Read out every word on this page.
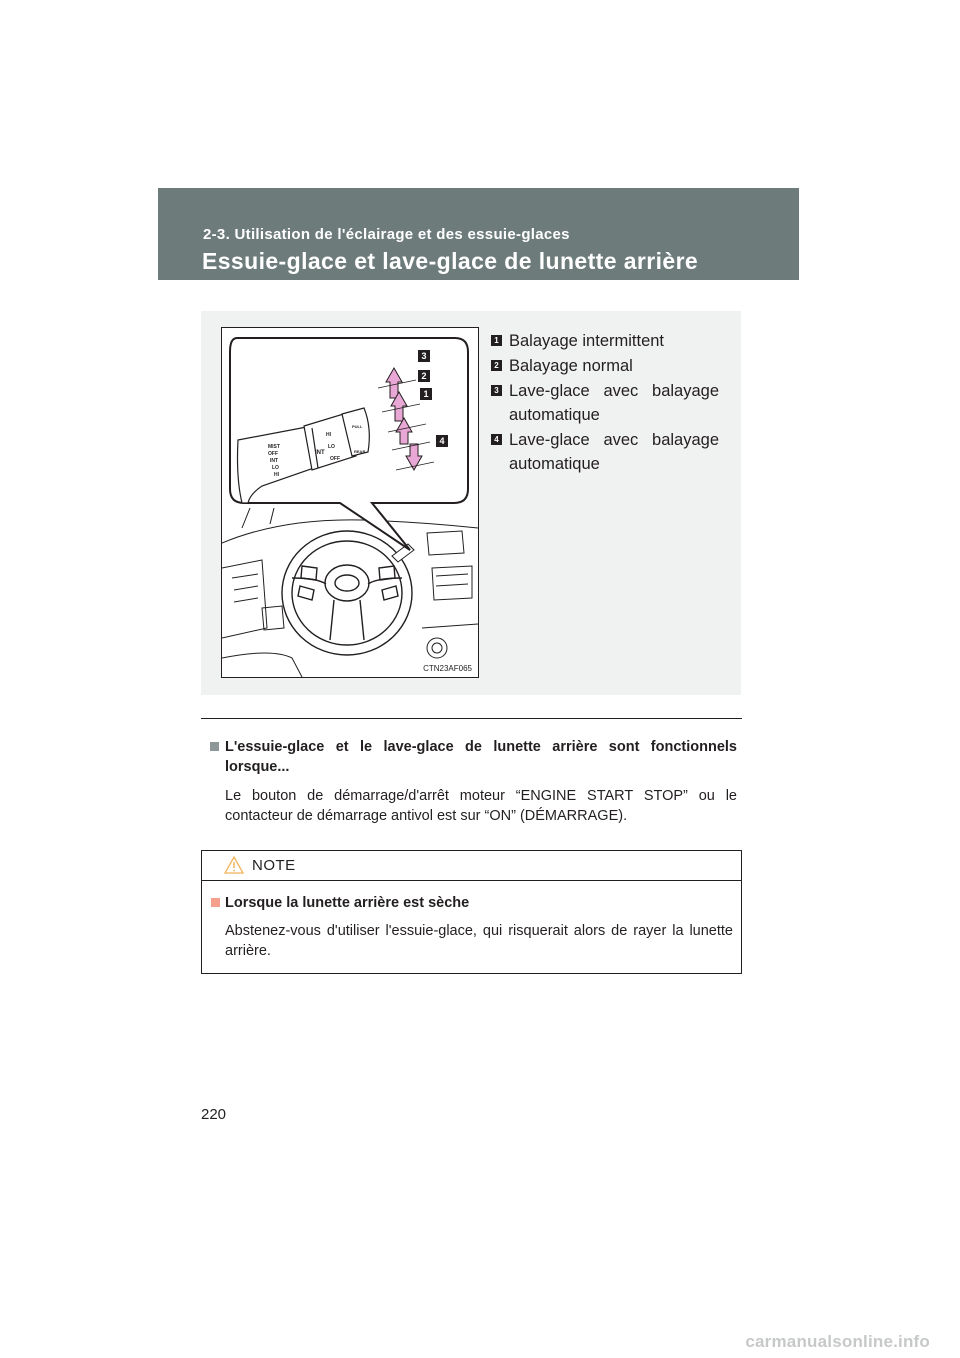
2-3. Utilisation de l'éclairage et des essuie-glaces
Essuie-glace et lave-glace de lunette arrière
MIST
OFF
INT
LO
HI
INT
HI
LO
OFF
PULL
REAR
3
2
1
4
CTN23AF065
1 Balayage intermittent
2 Balayage normal
3 Lave-glace avec balayage
automatique
4 Lave-glace avec balayage
automatique
L'essuie-glace et le lave-glace de lunette arrière sont fonctionnels lorsque...
Le bouton de démarrage/d'arrêt moteur “ENGINE START STOP” ou le contacteur de démarrage antivol est sur “ON” (DÉMARRAGE).
NOTE
Lorsque la lunette arrière est sèche
Abstenez-vous d'utiliser l'essuie-glace, qui risquerait alors de rayer la lunette arrière.
220
carmanualsonline.info
